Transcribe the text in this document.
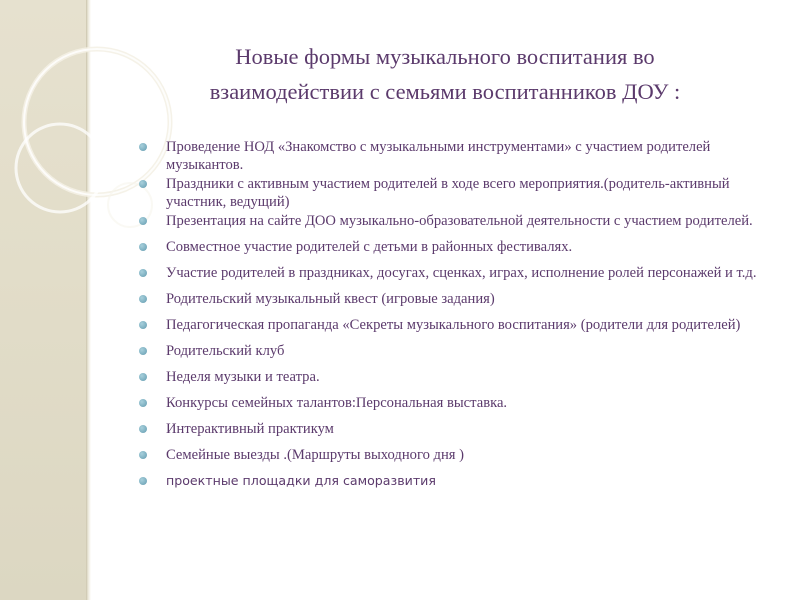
Новые формы музыкального воспитания во
взаимодействии с семьями воспитанников ДОУ :
Проведение НОД «Знакомство с музыкальными инструментами» с участием родителей музыкантов.
Праздники с активным участием родителей в ходе всего мероприятия.(родитель-активный участник, ведущий)
Презентация на сайте ДОО музыкально-образовательной деятельности с участием родителей.
Совместное участие родителей с детьми в районных фестивалях.
Участие родителей в праздниках, досугах, сценках, играх, исполнение ролей персонажей и т.д.
Родительский музыкальный квест (игровые задания)
Педагогическая пропаганда «Секреты музыкального воспитания» (родители для родителей)
Родительский клуб
Неделя музыки и театра.
Конкурсы семейных талантов:Персональная выставка.
Интерактивный практикум
Семейные выезды .(Маршруты выходного дня )
проектные площадки для саморазвития
